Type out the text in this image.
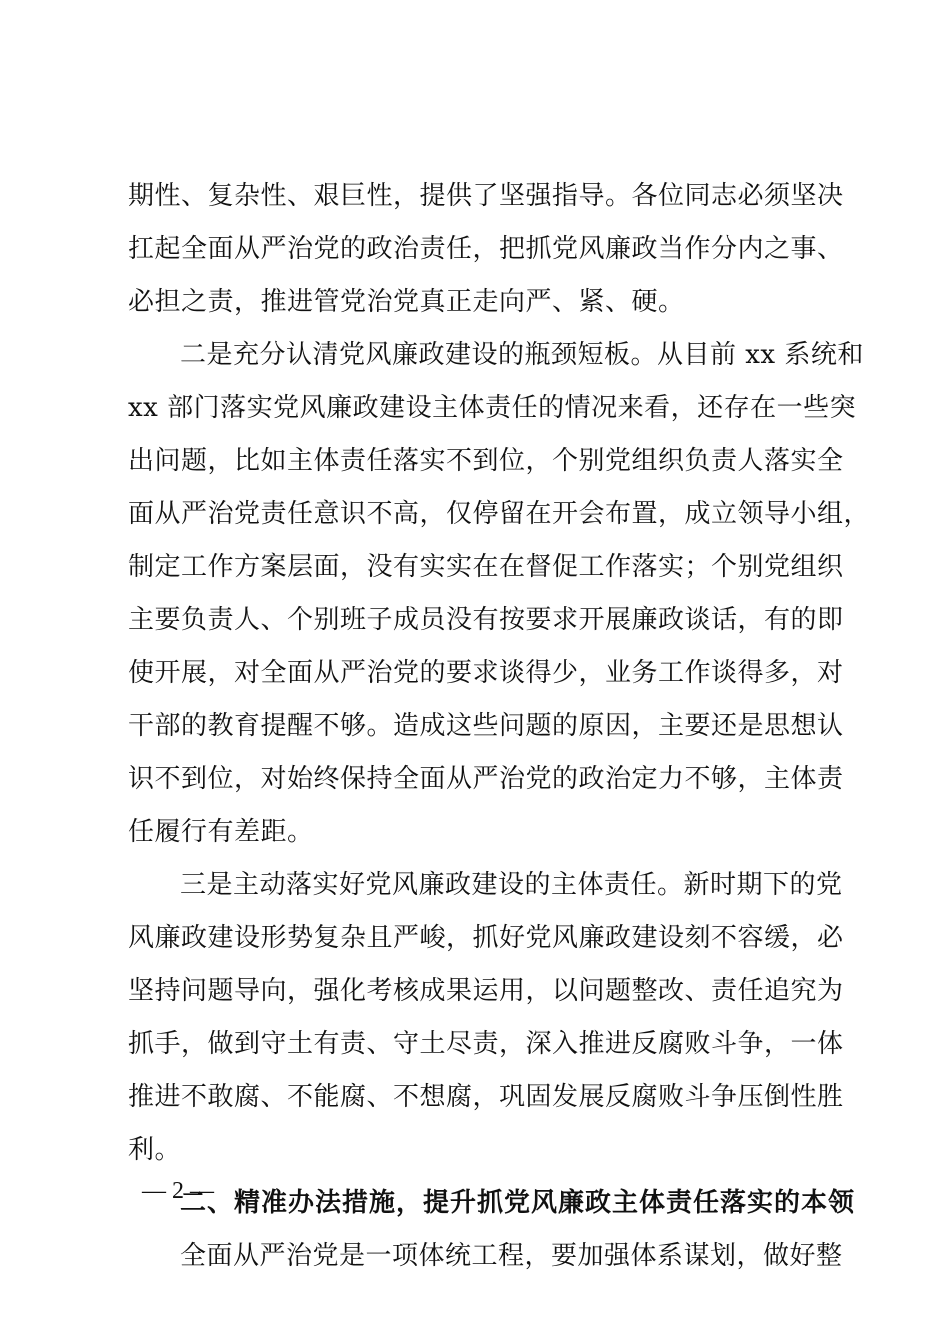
期性、复杂性、艰巨性，提供了坚强指导。各位同志必须坚决
扛起全面从严治党的政治责任，把抓党风廉政当作分内之事、
必担之责，推进管党治党真正走向严、紧、硬。
二是充分认清党风廉政建设的瓶颈短板。从目前 xx 系统和
xx 部门落实党风廉政建设主体责任的情况来看，还存在一些突
出问题，比如主体责任落实不到位，个别党组织负责人落实全
面从严治党责任意识不高，仅停留在开会布置，成立领导小组，
制定工作方案层面，没有实实在在督促工作落实；个别党组织
主要负责人、个别班子成员没有按要求开展廉政谈话，有的即
使开展，对全面从严治党的要求谈得少，业务工作谈得多，对
干部的教育提醒不够。造成这些问题的原因，主要还是思想认
识不到位，对始终保持全面从严治党的政治定力不够，主体责
任履行有差距。
三是主动落实好党风廉政建设的主体责任。新时期下的党
风廉政建设形势复杂且严峻，抓好党风廉政建设刻不容缓，必
坚持问题导向，强化考核成果运用，以问题整改、责任追究为
抓手，做到守土有责、守土尽责，深入推进反腐败斗争，一体
推进不敢腐、不能腐、不想腐，巩固发展反腐败斗争压倒性胜
利。
二、精准办法措施，提升抓党风廉政主体责任落实的本领
全面从严治党是一项体统工程，要加强体系谋划，做好整
— 2 —
